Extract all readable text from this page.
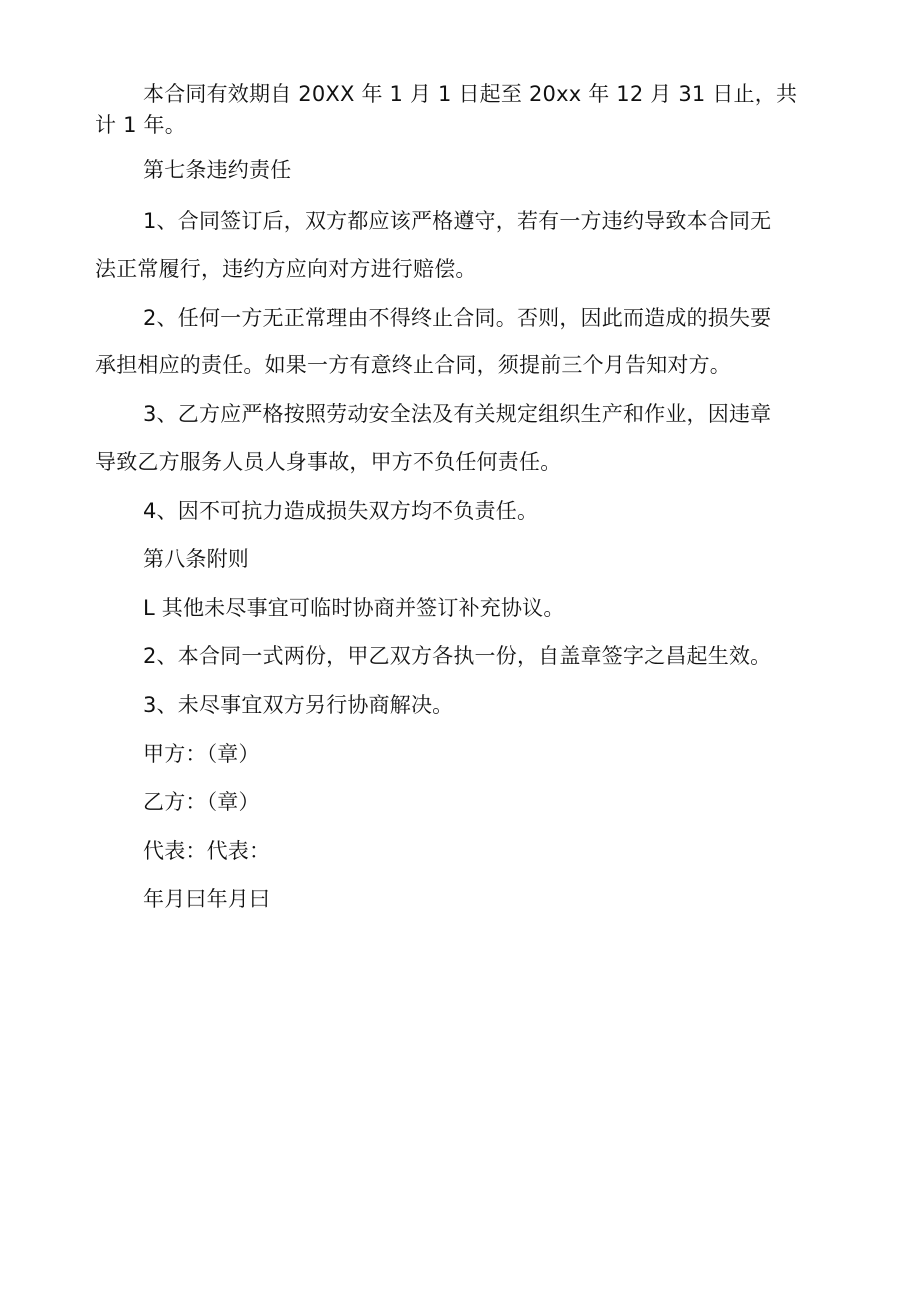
本合同有效期自 20XX 年 1 月 1 日起至 20xx 年 12 月 31 日止，共
计 1 年。
第七条违约责任
1、合同签订后，双方都应该严格遵守，若有一方违约导致本合同无
法正常履行，违约方应向对方进行赔偿。
2、任何一方无正常理由不得终止合同。否则，因此而造成的损失要
承担相应的责任。如果一方有意终止合同，须提前三个月告知对方。
3、乙方应严格按照劳动安全法及有关规定组织生产和作业，因违章
导致乙方服务人员人身事故，甲方不负任何责任。
4、因不可抗力造成损失双方均不负责任。
第八条附则
L 其他未尽事宜可临时协商并签订补充协议。
2、本合同一式两份，甲乙双方各执一份，自盖章签字之昌起生效。
3、未尽事宜双方另行协商解决。
甲方：（章）
乙方：（章）
代表：代表：
年月曰年月曰
